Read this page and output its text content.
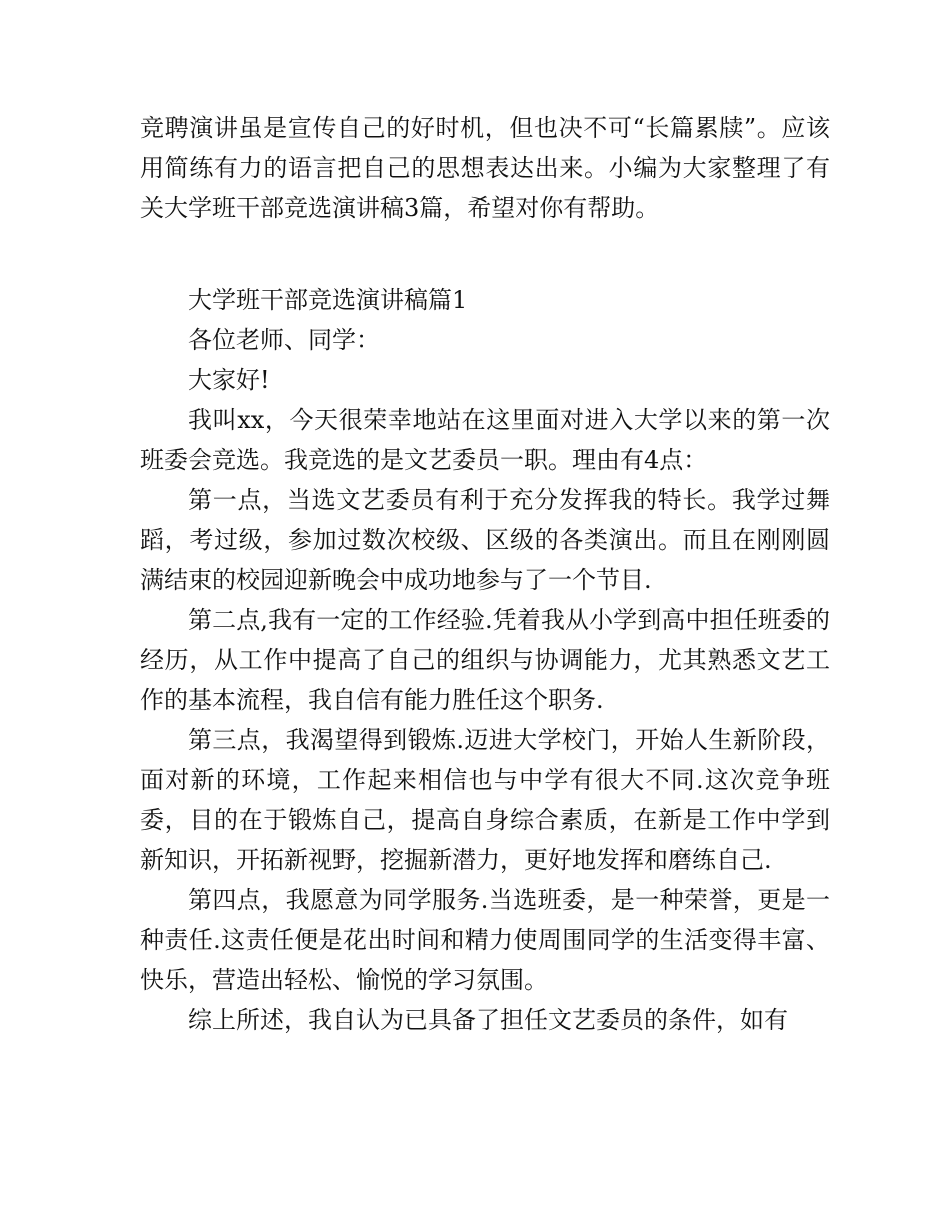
竞聘演讲虽是宣传自己的好时机，但也决不可“长篇累牍”。应该用简练有力的语言把自己的思想表达出来。小编为大家整理了有关大学班干部竞选演讲稿3篇，希望对你有帮助。

大学班干部竞选演讲稿篇1

各位老师、同学：

大家好!

我叫xx，今天很荣幸地站在这里面对进入大学以来的第一次班委会竞选。我竞选的是文艺委员一职。理由有4点：

第一点，当选文艺委员有利于充分发挥我的特长。我学过舞蹈，考过级，参加过数次校级、区级的各类演出。而且在刚刚圆满结束的校园迎新晚会中成功地参与了一个节目.

第二点,我有一定的工作经验.凭着我从小学到高中担任班委的经历，从工作中提高了自己的组织与协调能力，尤其熟悉文艺工作的基本流程，我自信有能力胜任这个职务.

第三点，我渴望得到锻炼.迈进大学校门，开始人生新阶段，面对新的环境，工作起来相信也与中学有很大不同.这次竞争班委，目的在于锻炼自己，提高自身综合素质，在新是工作中学到新知识，开拓新视野，挖掘新潜力，更好地发挥和磨练自己.

第四点，我愿意为同学服务.当选班委，是一种荣誉，更是一种责任.这责任便是花出时间和精力使周围同学的生活变得丰富、快乐，营造出轻松、愉悦的学习氛围。

综上所述，我自认为已具备了担任文艺委员的条件，如有
